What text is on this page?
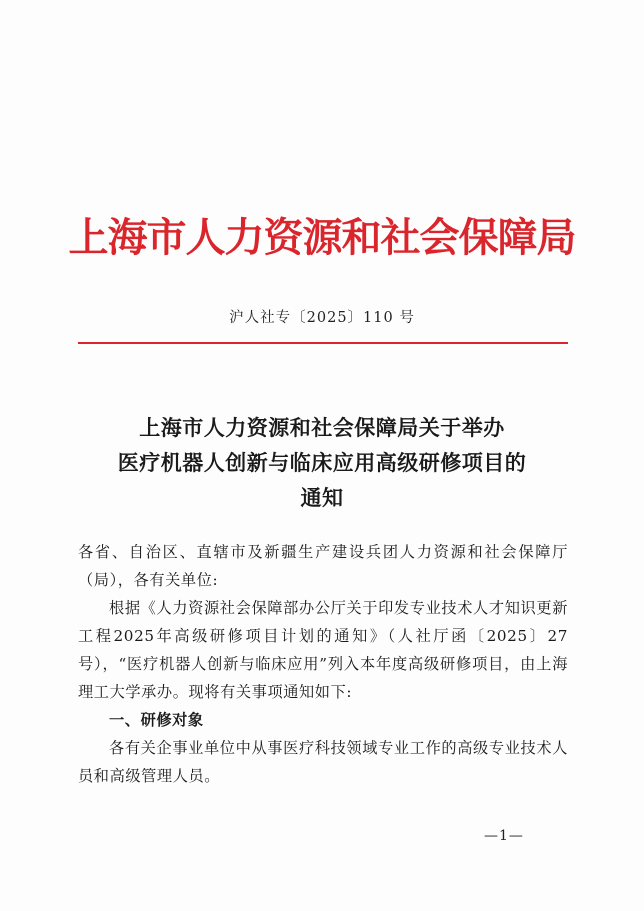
上海市人力资源和社会保障局
沪人社专〔2025〕110 号
上海市人力资源和社会保障局关于举办
医疗机器人创新与临床应用高级研修项目的
通知
各省、自治区、直辖市及新疆生产建设兵团人力资源和社会保障厅（局），各有关单位:
根据《人力资源社会保障部办公厅关于印发专业技术人才知识更新工程2025年高级研修项目计划的通知》（人社厅函〔2025〕27号），“医疗机器人创新与临床应用”列入本年度高级研修项目，由上海理工大学承办。现将有关事项通知如下:
一、研修对象
各有关企事业单位中从事医疗科技领域专业工作的高级专业技术人员和高级管理人员。
—1—
